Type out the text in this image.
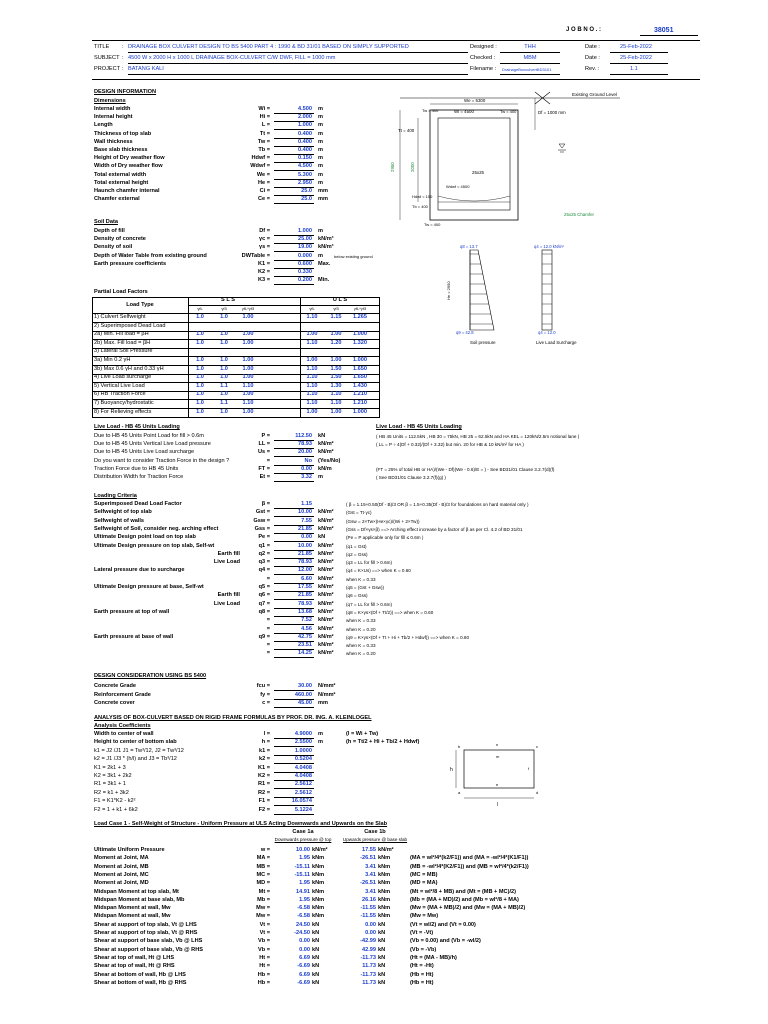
J O B N O . :	38051
TITLE : DRAINAGE BOX CULVERT DESIGN TO BS 5400 PART 4 : 1990 & BD 31/01 BASED ON SIMPLY SUPPORTED
SUBJECT : 4500 W x 2000 H x 1000 L DRAINAGE BOX-CULVERT C/W DWF, FILL = 1000 mm
PROJECT : BATANG KALI
Designed :	THH
Checked :	MBM
Filename : DrainageBoxculvertBD3101
Date :	25-Feb-2022
Date :	25-Feb-2022
Rev. :	1.1
DESIGN INFORMATION
Dimensions
Internal width	Wi =	4.500 m
Internal height	Hi =	2.000 m
Length	L =	1.000 m
Thickness of top slab	Tt =	0.400 m
Wall thickness	Tw =	0.400 m
Base slab thickness	Tb =	0.400 m
Height of Dry weather flow	Hdwf =	0.150 m
Width of Dry weather flow	Wdwf =	4.500 m
Total external width	We =	5.300 m
Total external height	He =	2.950 m
Haunch chamfer internal	Ci =	25.0 mm
Chamfer external	Ce =	25.0 mm
Soil Data
Depth of fill	Df =	1.000 m
Density of concrete	γc =	25.00 kN/m³
Density of soil	γs =	19.00 kN/m³
Depth of Water Table from existing ground	DWTable =	0.000 m	below existing ground
Earth pressure coefficients	K1 =	0.600 Max.
K2 =	0.330
K3 =	0.200 Min.
Partial Load Factors
Load Type
S L S	U L S
γfL	γf3	γfL*γf3	γfL	γf3	γfL*γf3
1) Culvert Selfweight	1.0	1.0	1.00	1.10	1.15	1.265
2) Superimposed Dead Load
2a) Min. Fill load = βH	1.0	1.0	1.00	1.00	1.00	1.000
2b) Max. Fill load = βH	1.0	1.0	1.00	1.10	1.20	1.320
3) Lateral Soil Pressure
3a) Min 0.2 γH	1.0	1.0	1.00	1.00	1.00	1.000
3b) Max 0.6 γH and 0.33 γH	1.0	1.0	1.00	1.10	1.50	1.650
4) Live Load surcharge	1.0	1.0	1.00	1.10	1.50	1.650
5) Vertical Live Load	1.0	1.1	1.10	1.10	1.30	1.430
6) HB Traction Force	1.0	1.0	1.00	1.10	1.10	1.210
7) Buoyancy/hydrostatic	1.0	1.1	1.10	1.10	1.10	1.210
8) For Relieving effects	1.0	1.0	1.00	1.00	1.00	1.000
Live Load - HB 45 Units Loading	Live Load - HB 45 Units Loading
Due to HB 45 Units Point Load for fill > 0.6m	P =	112.50 kN	( HB 45 Units = 112.5kN , HB 30 = 75kN, HB 25 = 62.5kN and HA KEL = 120kN/2.5m notional lane )
Due to HB 45 Units Vertical Live Load pressure	LL =	78.93 kN/m²	( LL = P ÷ 4(Df + 0.32)/(Df + 3.32) but min. 20 for HB & 10 kN/m² for HA )
Due to HB 45 Units Live Load surcharge	Us =	20.00 kN/m²
Do you want to consider Traction Force in the design ?	=	No (Yes/No)
Traction Force due to HB 45 Units	FT =	0.00 kN/m	(FT = 25% of total HB or HA)/(We - Df)(We - 0.6)/E = ) - See BD31/01 Clause 3.2.7(d)(f)
Distribution Width for Traction Force	Et =	3.32 m	( See BD31/01 Clause 3.2.7(f)(g) )
Loading Criteria
Superimposed Dead Load Factor	β =	1.15	( β = 1.15+0.50(Df - B)/3 OR β = 1.5+0.35(Df - B)/3 for foundations on hard material only )
Selfweight of top slab	Gst =	10.00 kN/m²	(Gst = Tt·γc)
Selfweight of walls	Gsw =	7.55 kN/m²	(Gsw = 2×Tw×(He×γc)/(Wi + 2×Tw))
Selfweight of Soil, consider neg. arching effect	Gss =	21.85 kN/m²	(Gss = Df×γs×β) ==> Arching effect increase by a factor of β as per Cl. 4.2 of BD 31/01
Ultimate Design point load on top slab	Pe =	0.00 kN	(Pe = P applicable only for fill ≤ 0.6m )
Ultimate Design pressure on top slab, Self-wt	q1 =	10.00 kN/m²	(q1 = Gst)
Earth fill	q2 =	21.85 kN/m²	(q2 = Gss)
Live Load	q3 =	78.93 kN/m²	(q3 = LL for fill > 0.6m)
Lateral pressure due to surcharge	q4 =	12.00 kN/m²	(q4 = K×Us) ==> when K = 0.60
=	6.60 kN/m²	when K = 0.33
Ultimate Design pressure at base, Self-wt	q5 =	17.55 kN/m²	(q5 = (Gst + Gsw))
Earth fill	q6 =	21.85 kN/m²	(q6 = Gss)
Live Load	q7 =	78.93 kN/m²	(q7 = LL for fill > 0.6m)
Earth pressure at top of wall	q8 =	13.68 kN/m²	(q8 = K×γs×(Df + Tt/2)) ==> when K = 0.60
=	7.52 kN/m²	when K = 0.33
=	4.56 kN/m²	when K = 0.20
Earth pressure at base of wall	q9 =	42.75 kN/m²	(q9 = K×γs×(Df + Tt + Hi + Tb/2 + Hdwf)) ==> when K = 0.60
=	23.51 kN/m²	when K = 0.33
=	14.25 kN/m²	when K = 0.20
DESIGN CONSIDERATION USING BS 5400
Concrete Grade	fcu =	30.00 N/mm²
Reinforcement Grade	fy =	460.00 N/mm²
Concrete cover	c =	45.00 mm
ANALYSIS OF BOX-CULVERT BASED ON RIGID FRAME FORMULAS BY PROF. DR. ING. A. KLEINLOGEL
Analysis Coefficients
Width to center of wall	l =	4.9000 m	(l = Wi + Tw)
Height to center of bottom slab	h =	2.5500 m	(h = Tt/2 + Hi + Tb/2 + Hdwf)
k1 = J2 /J1 J1 = Tw³/12, J2 = Tw³/12	k1 =	1.0000
k2 = J1 /J3 * (h/l) and J3 = Tb³/12	k2 =	0.5204
K1 = 2k1 + 3	K1 =	4.0408
K2 = 3k1 + 2k2	K2 =	4.0408
R1 = 3k1 + 1	R1 =	2.5612
R2 = k1 + 3k2	R2 =	2.5612
F1 = K1*K2 - k2²	F1 =	16.0574
F2 = 1 + k1 + 6k2	F2 =	5.1224
Load Case 1 - Self-Weight of Structure - Uniform Pressure at ULS Acting Downwards and Upwards on the Slab
Case 1a	Case 1b
Downwards pressure @ top	Upwards pressure @ base slab
Ultimate Uniform Pressure	w =	10.00 kN/m²	17.55 kN/m²
Moment at Joint, MA	MA =	1.95 kNm	-26.51 kNm	(MA = wl²/4*(k2/F1)) and (MA = -wl²/4*(K1/F1))
Moment at Joint, MB	MB =	-15.11 kNm	3.41 kNm	(MB = -wl²/4*(K2/F1)) and (MB = wl²/4*(k2/F1))
Moment at Joint, MC	MC =	-15.11 kNm	3.41 kNm	(MC = MB)
Moment at Joint, MD	MD =	1.95 kNm	-26.51 kNm	(MD = MA)
Midspan Moment at top slab, Mt	Mt =	14.91 kNm	3.41 kNm	(Mt = wl²/8 + MB) and (Mt = (MB + MC)/2)
Midspan Moment at base slab, Mb	Mb =	1.95 kNm	26.16 kNm	(Mb = (MA + MD)/2) and (Mb = wl²/8 + MA)
Midspan Moment at wall, Mw	Mw =	-6.58 kNm	-11.55 kNm	(Mw = (MA + MB)/2) and (Mw = (MA + MB)/2)
Midspan Moment at wall, Mw	Mw =	-6.58 kNm	-11.55 kNm	(Mw = Mw)
Shear at support of top slab, Vt @ LHS	Vt =	24.50 kN	0.00 kN	(Vt = wl/2) and (Vt = 0.00)
Shear at support of top slab, Vt @ RHS	Vt =	-24.50 kN	0.00 kN	(Vt = -Vt)
Shear at support of base slab, Vb @ LHS	Vb =	0.00 kN	-42.99 kN	(Vb = 0.00) and (Vb = -wl/2)
Shear at support of base slab, Vb @ RHS	Vb =	0.00 kN	42.99 kN	(Vb = -Vb)
Shear at top of wall, Ht @ LHS	Ht =	6.69 kN	-11.73 kN	(Ht = (MA - MB)/h)
Shear at top of wall, Ht @ RHS	Ht =	-6.69 kN	11.73 kN	(Ht = -Ht)
Shear at bottom of wall, Hb @ LHS	Hb =	6.69 kN	-11.73 kN	(Hb = Ht)
Shear at bottom of wall, Hb @ RHS	Hb =	-6.69 kN	11.73 kN	(Hb = Ht)
Existing Ground Level
We = 5300
Wi = 4500
Tw = 400	Tw = 400	Df = 1000 mm
Tt = 400
2950	2000
25x25
Wdwf = 4500
Hdwf = 150
Tb = 400
25x25 Chamfer
Tw = 400
q8 = 13.7
q9 = 42.8
Soil pressure
He = 2950
q4 = 12.0 kN/m²
q4 = 12.0
Live Load Surcharge
b	c
a	d
h
l
n
m
e
f
